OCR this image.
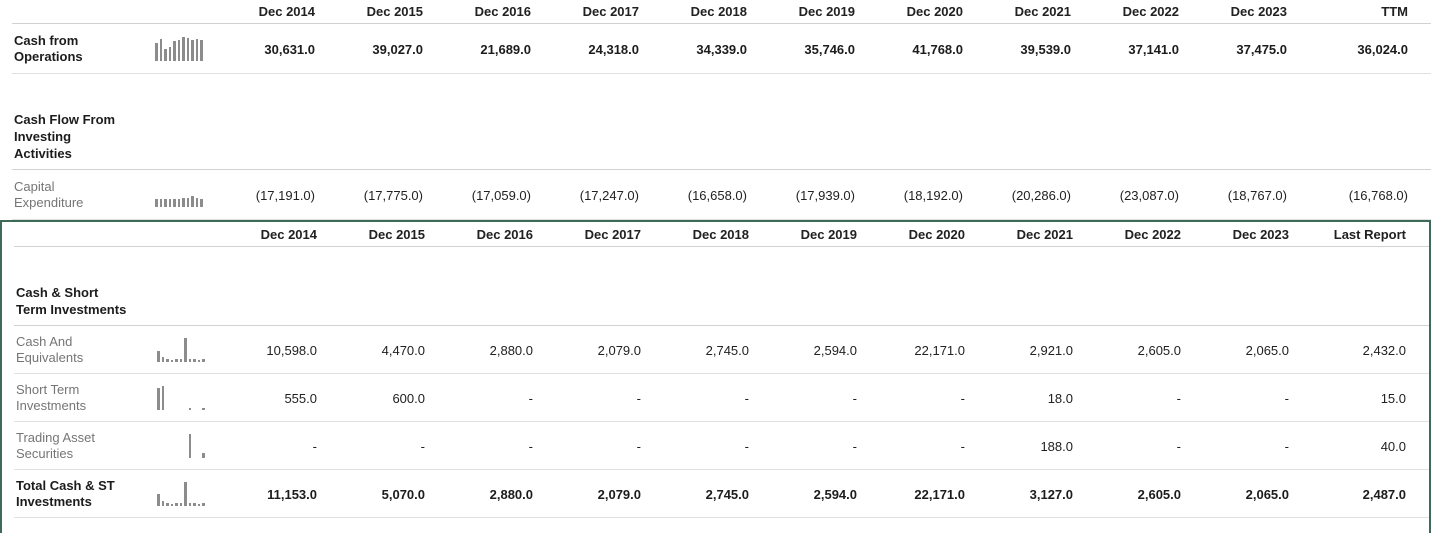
Dec 2014	Dec 2015	Dec 2016	Dec 2017	Dec 2018	Dec 2019	Dec 2020	Dec 2021	Dec 2022	Dec 2023	TTM
Cash from Operations	30,631.0	39,027.0	21,689.0	24,318.0	34,339.0	35,746.0	41,768.0	39,539.0	37,141.0	37,475.0	36,024.0
Cash Flow From Investing Activities
Capital Expenditure	(17,191.0)	(17,775.0)	(17,059.0)	(17,247.0)	(16,658.0)	(17,939.0)	(18,192.0)	(20,286.0)	(23,087.0)	(18,767.0)	(16,768.0)
Dec 2014	Dec 2015	Dec 2016	Dec 2017	Dec 2018	Dec 2019	Dec 2020	Dec 2021	Dec 2022	Dec 2023	Last Report
Cash & Short Term Investments
Cash And Equivalents	10,598.0	4,470.0	2,880.0	2,079.0	2,745.0	2,594.0	22,171.0	2,921.0	2,605.0	2,065.0	2,432.0
Short Term Investments	555.0	600.0	-	-	-	-	-	18.0	-	-	15.0
Trading Asset Securities	-	-	-	-	-	-	-	188.0	-	-	40.0
Total Cash & ST Investments	11,153.0	5,070.0	2,880.0	2,079.0	2,745.0	2,594.0	22,171.0	3,127.0	2,605.0	2,065.0	2,487.0
